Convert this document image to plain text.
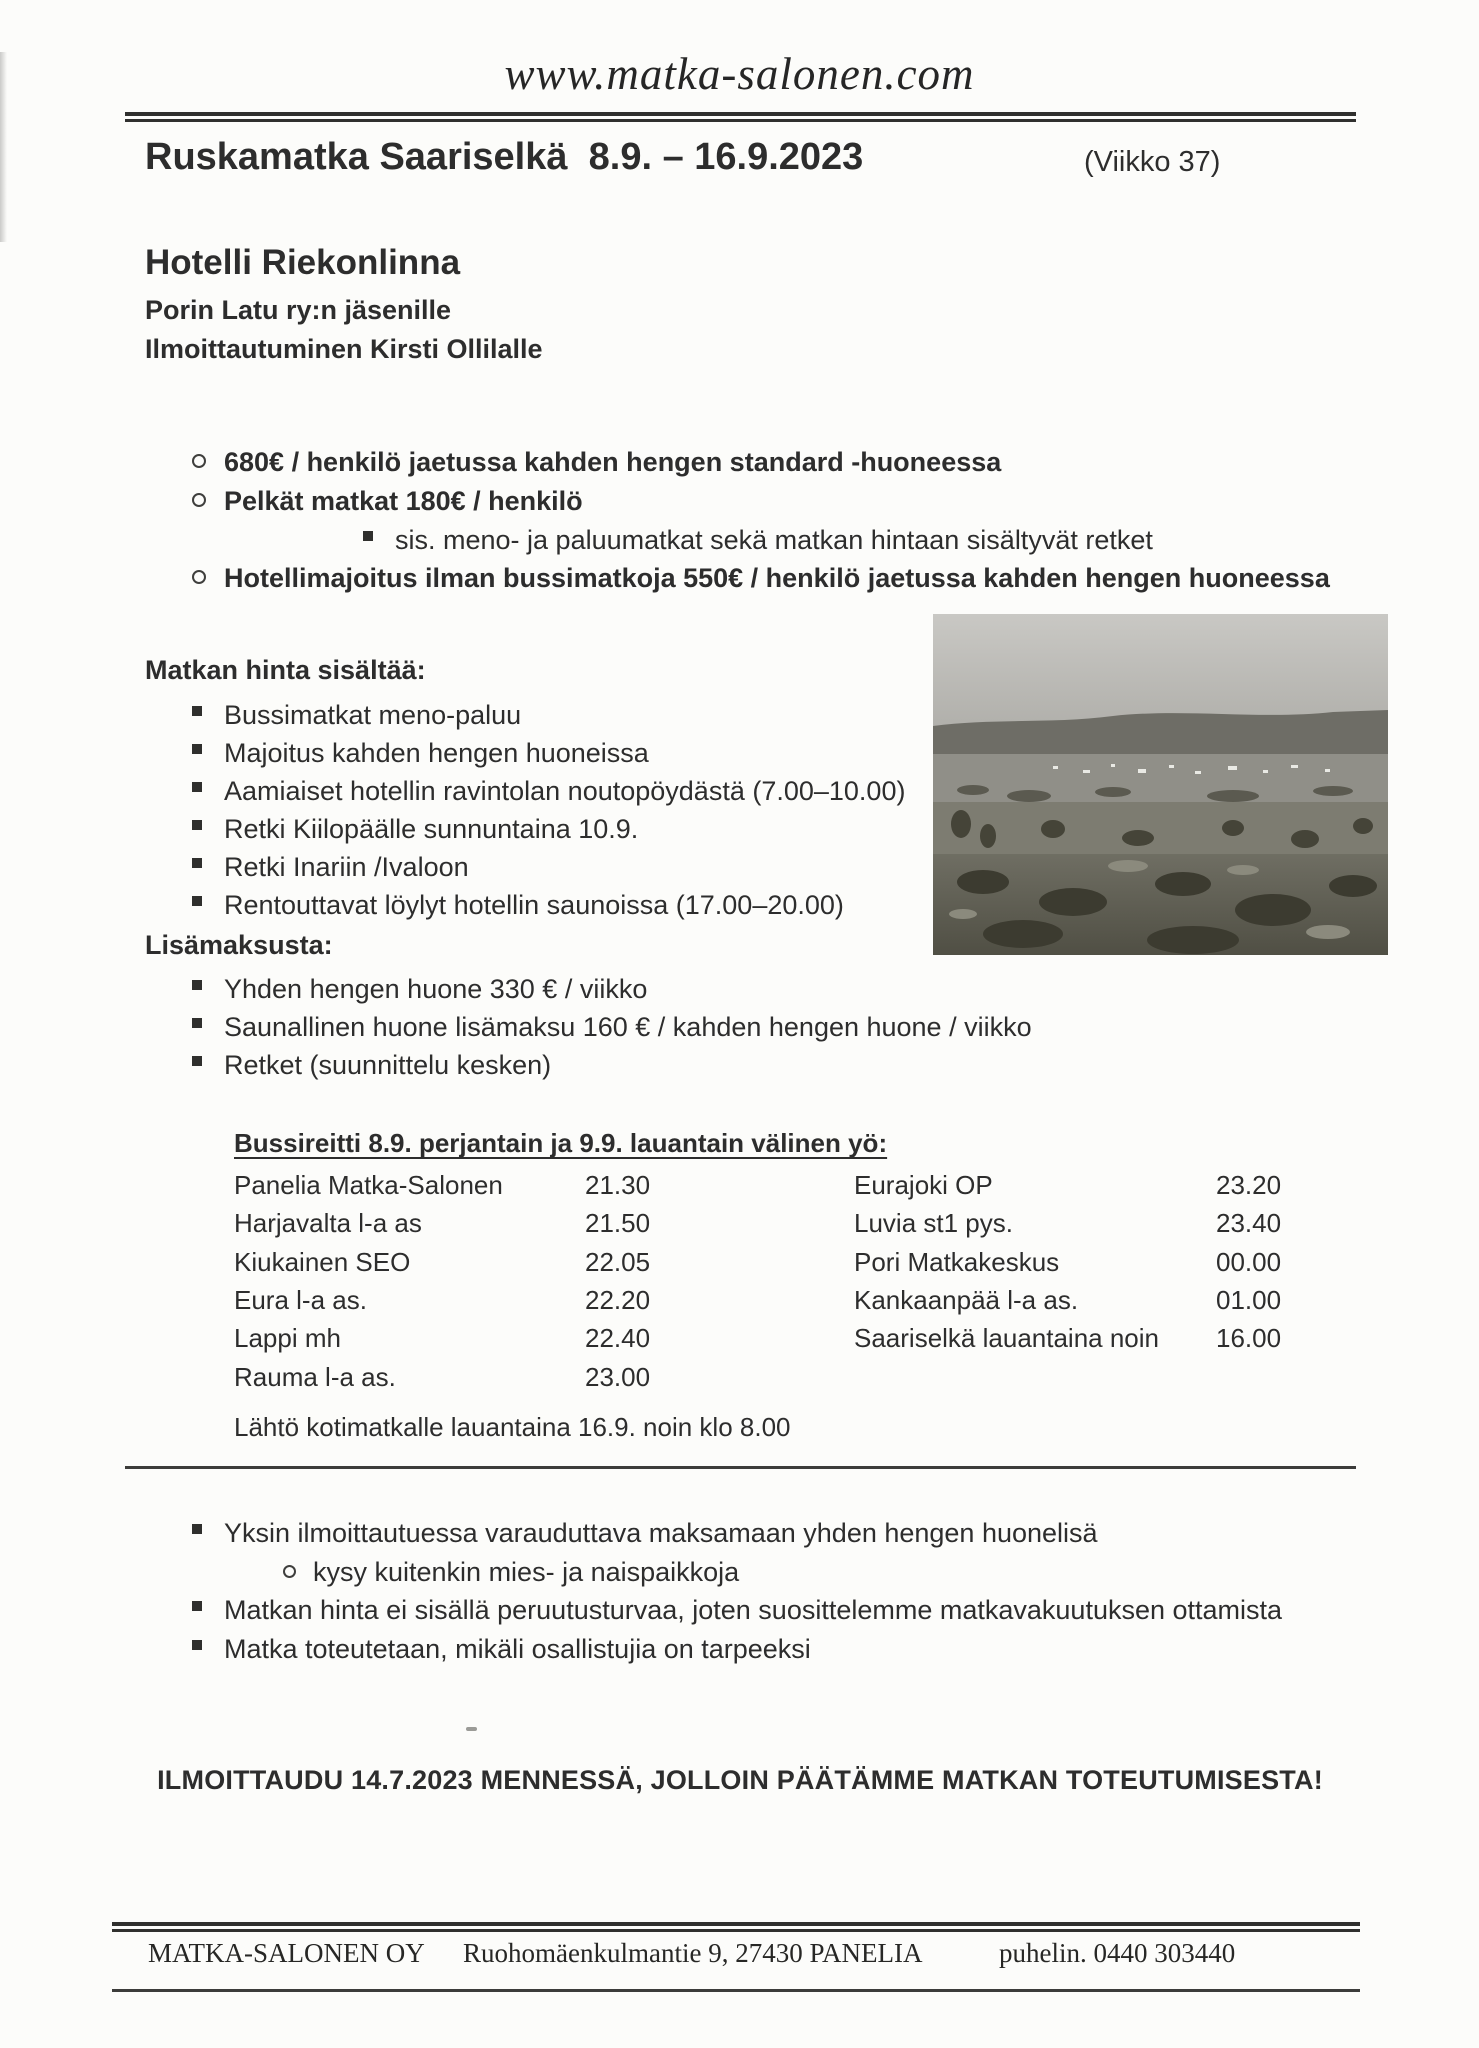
www.matka-salonen.com
Ruskamatka Saariselkä  8.9. – 16.9.2023	(Viikko 37)
Hotelli Riekonlinna
Porin Latu ry:n jäsenille
Ilmoittautuminen Kirsti Ollilalle
680€ / henkilö jaetussa kahden hengen standard -huoneessa
Pelkät matkat 180€ / henkilö
sis. meno- ja paluumatkat sekä matkan hintaan sisältyvät retket
Hotellimajoitus ilman bussimatkoja 550€ / henkilö jaetussa kahden hengen huoneessa
Matkan hinta sisältää:
Bussimatkat meno-paluu
Majoitus kahden hengen huoneissa
Aamiaiset hotellin ravintolan noutopöydästä (7.00–10.00)
Retki Kiilopäälle sunnuntaina 10.9.
Retki Inariin /Ivaloon
Rentouttavat löylyt hotellin saunoissa (17.00–20.00)
Lisämaksusta:
Yhden hengen huone 330 € / viikko
Saunallinen huone lisämaksu 160 € / kahden hengen huone / viikko
Retket (suunnittelu kesken)
Bussireitti 8.9. perjantain ja 9.9. lauantain välinen yö:
Panelia Matka-Salonen	21.30	Eurajoki OP	23.20
Harjavalta l-a as	21.50	Luvia st1 pys.	23.40
Kiukainen SEO	22.05	Pori Matkakeskus	00.00
Eura l-a as.	22.20	Kankaanpää l-a as.	01.00
Lappi mh	22.40	Saariselkä lauantaina noin 16.00
Rauma l-a as.	23.00
Lähtö kotimatkalle lauantaina 16.9. noin klo 8.00
Yksin ilmoittautuessa varauduttava maksamaan yhden hengen huonelisä
kysy kuitenkin mies- ja naispaikkoja
Matkan hinta ei sisällä peruutusturvaa, joten suosittelemme matkavakuutuksen ottamista
Matka toteutetaan, mikäli osallistujia on tarpeeksi
ILMOITTAUDU 14.7.2023 MENNESSÄ, JOLLOIN PÄÄTÄMME MATKAN TOTEUTUMISESTA!
MATKA-SALONEN OY Ruohomäenkulmantie 9, 27430 PANELIA	puhelin. 0440 303440
